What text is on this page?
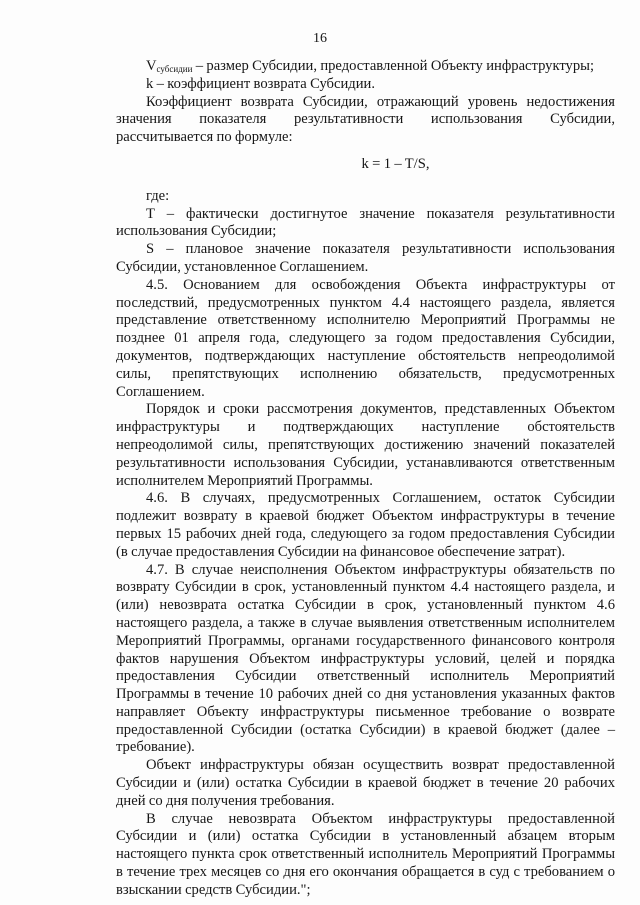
16

$V_{субсидии}$ – размер Субсидии, предоставленной Объекту инфраструктуры;

k – коэффициент возврата Субсидии.

Коэффициент возврата Субсидии, отражающий уровень недостижения значения показателя результативности использования Субсидии, рассчитывается по формуле:

k = 1 – T/S,

где:

Т – фактически достигнутое значение показателя результативности использования Субсидии;

S – плановое значение показателя результативности использования Субсидии, установленное Соглашением.

4.5. Основанием для освобождения Объекта инфраструктуры от последствий, предусмотренных пунктом 4.4 настоящего раздела, является представление ответственному исполнителю Мероприятий Программы не позднее 01 апреля года, следующего за годом предоставления Субсидии, документов, подтверждающих наступление обстоятельств непреодолимой силы, препятствующих исполнению обязательств, предусмотренных Соглашением.

Порядок и сроки рассмотрения документов, представленных Объектом инфраструктуры и подтверждающих наступление обстоятельств непреодолимой силы, препятствующих достижению значений показателей результативности использования Субсидии, устанавливаются ответственным исполнителем Мероприятий Программы.

4.6. В случаях, предусмотренных Соглашением, остаток Субсидии подлежит возврату в краевой бюджет Объектом инфраструктуры в течение первых 15 рабочих дней года, следующего за годом предоставления Субсидии (в случае предоставления Субсидии на финансовое обеспечение затрат).

4.7. В случае неисполнения Объектом инфраструктуры обязательств по возврату Субсидии в срок, установленный пунктом 4.4 настоящего раздела, и (или) невозврата остатка Субсидии в срок, установленный пунктом 4.6 настоящего раздела, а также в случае выявления ответственным исполнителем Мероприятий Программы, органами государственного финансового контроля фактов нарушения Объектом инфраструктуры условий, целей и порядка предоставления Субсидии ответственный исполнитель Мероприятий Программы в течение 10 рабочих дней со дня установления указанных фактов направляет Объекту инфраструктуры письменное требование о возврате предоставленной Субсидии (остатка Субсидии) в краевой бюджет (далее – требование).

Объект инфраструктуры обязан осуществить возврат предоставленной Субсидии и (или) остатка Субсидии в краевой бюджет в течение 20 рабочих дней со дня получения требования.

В случае невозврата Объектом инфраструктуры предоставленной Субсидии и (или) остатка Субсидии в установленный абзацем вторым настоящего пункта срок ответственный исполнитель Мероприятий Программы в течение трех месяцев со дня его окончания обращается в суд с требованием о взыскании средств Субсидии.";
